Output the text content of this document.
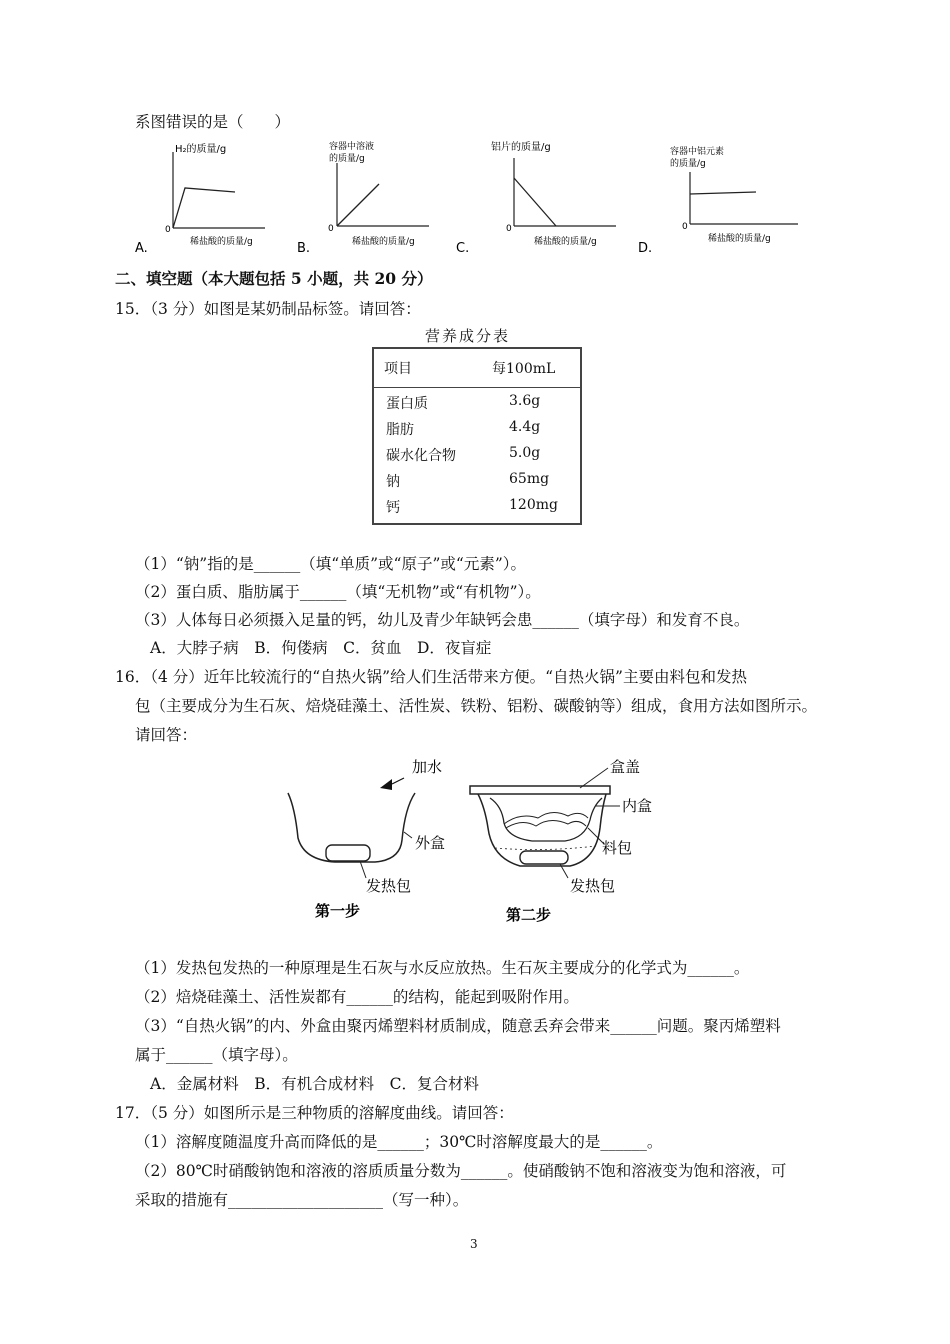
系图错误的是（　　）
H₂的质量/g
0
稀盐酸的质量/g
A.
容器中溶液
的质量/g
0
稀盐酸的质量/g
B.
铝片的质量/g
0
稀盐酸的质量/g
C.
容器中铝元素
的质量/g
0
稀盐酸的质量/g
D.
二、填空题（本大题包括 5 小题，共 20 分）
15．（3 分）如图是某奶制品标签。请回答：
营养成分表
项目	每100mL
蛋白质	3.6g
脂肪	4.4g
碳水化合物	5.0g
钠	65mg
钙	120mg
（1）“钠”指的是______（填“单质”或“原子”或“元素”）。
（2）蛋白质、脂肪属于______（填“无机物”或“有机物”）。
（3）人体每日必须摄入足量的钙，幼儿及青少年缺钙会患______（填字母）和发育不良。
A．大脖子病　B．佝偻病　C．贫血　D．夜盲症
16．（4 分）近年比较流行的“自热火锅”给人们生活带来方便。“自热火锅”主要由料包和发热
包（主要成分为生石灰、焙烧硅藻土、活性炭、铁粉、铝粉、碳酸钠等）组成，食用方法如图所示。
请回答：
加水
外盒
发热包
第一步
盒盖
内盒
料包
发热包
第二步
（1）发热包发热的一种原理是生石灰与水反应放热。生石灰主要成分的化学式为______。
（2）焙烧硅藻土、活性炭都有______的结构，能起到吸附作用。
（3）“自热火锅”的内、外盒由聚丙烯塑料材质制成，随意丢弃会带来______问题。聚丙烯塑料
属于______（填字母）。
A．金属材料　B．有机合成材料　C．复合材料
17．（5 分）如图所示是三种物质的溶解度曲线。请回答：
（1）溶解度随温度升高而降低的是______；30℃时溶解度最大的是______。
（2）80℃时硝酸钠饱和溶液的溶质质量分数为______。使硝酸钠不饱和溶液变为饱和溶液，可
采取的措施有____________________（写一种）。
3
